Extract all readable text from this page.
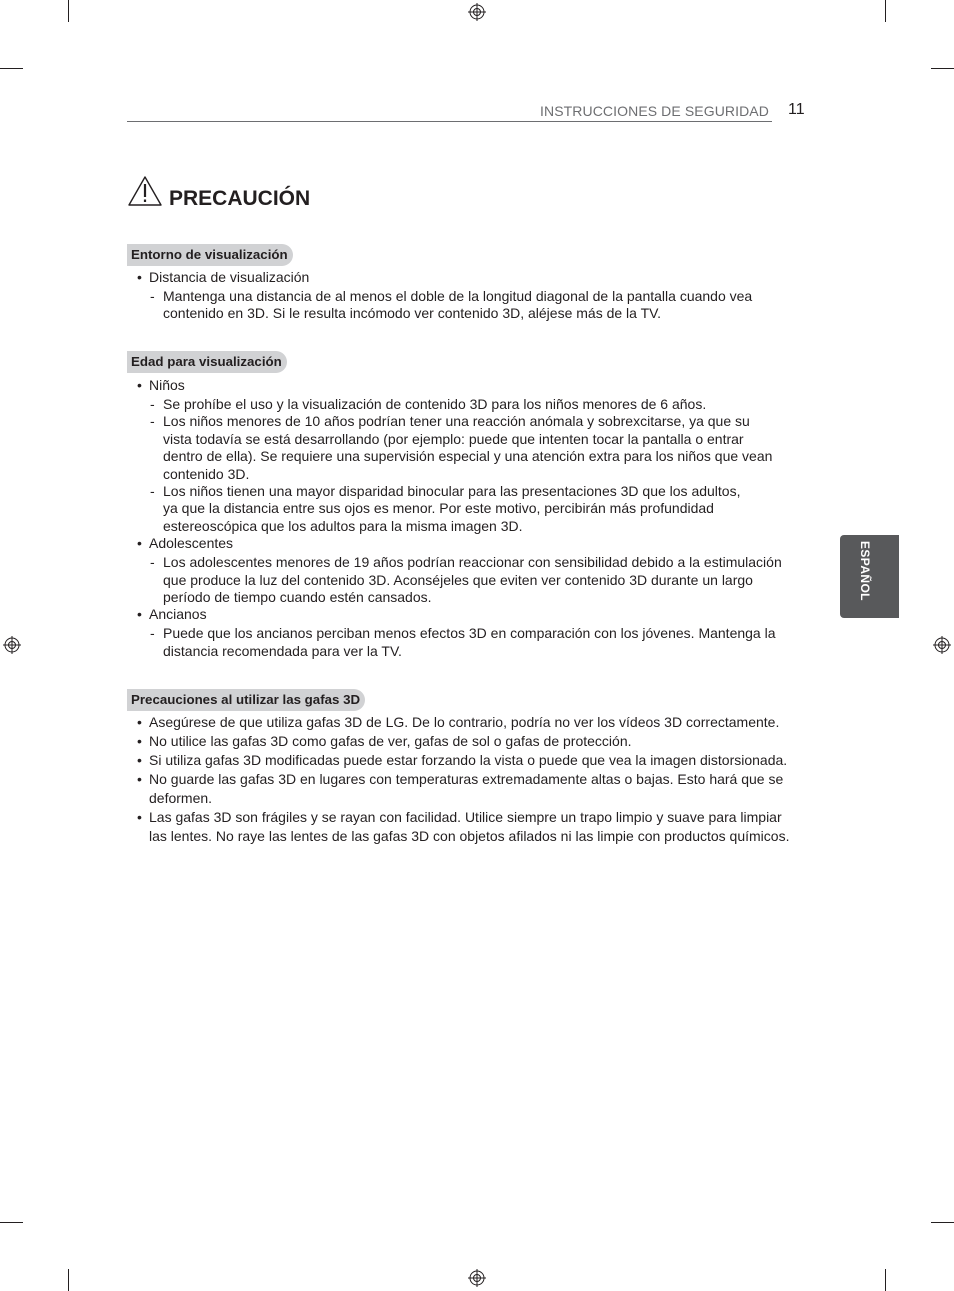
INSTRUCCIONES DE SEGURIDAD 11
PRECAUCIÓN
ESPAÑOL
Entorno de visualización
• Distancia de visualización
- Mantenga una distancia de al menos el doble de la longitud diagonal de la pantalla cuando vea
contenido en 3D. Si le resulta incómodo ver contenido 3D, aléjese más de la TV.
Edad para visualización
• Niños
- Se prohíbe el uso y la visualización de contenido 3D para los niños menores de 6 años.
- Los niños menores de 10 años podrían tener una reacción anómala y sobrexcitarse, ya que su
vista todavía se está desarrollando (por ejemplo: puede que intenten tocar la pantalla o entrar
dentro de ella). Se requiere una supervisión especial y una atención extra para los niños que vean
contenido 3D.
- Los niños tienen una mayor disparidad binocular para las presentaciones 3D que los adultos,
ya que la distancia entre sus ojos es menor. Por este motivo, percibirán más profundidad
estereoscópica que los adultos para la misma imagen 3D.
• Adolescentes
- Los adolescentes menores de 19 años podrían reaccionar con sensibilidad debido a la estimulación
que produce la luz del contenido 3D. Aconséjeles que eviten ver contenido 3D durante un largo
período de tiempo cuando estén cansados.
• Ancianos
- Puede que los ancianos perciban menos efectos 3D en comparación con los jóvenes. Mantenga la
distancia recomendada para ver la TV.
Precauciones al utilizar las gafas 3D
• Asegúrese de que utiliza gafas 3D de LG. De lo contrario, podría no ver los vídeos 3D correctamente.
• No utilice las gafas 3D como gafas de ver, gafas de sol o gafas de protección.
• Si utiliza gafas 3D modificadas puede estar forzando la vista o puede que vea la imagen distorsionada.
• No guarde las gafas 3D en lugares con temperaturas extremadamente altas o bajas. Esto hará que se
deformen.
• Las gafas 3D son frágiles y se rayan con facilidad. Utilice siempre un trapo limpio y suave para limpiar
las lentes. No raye las lentes de las gafas 3D con objetos afilados ni las limpie con productos químicos.
